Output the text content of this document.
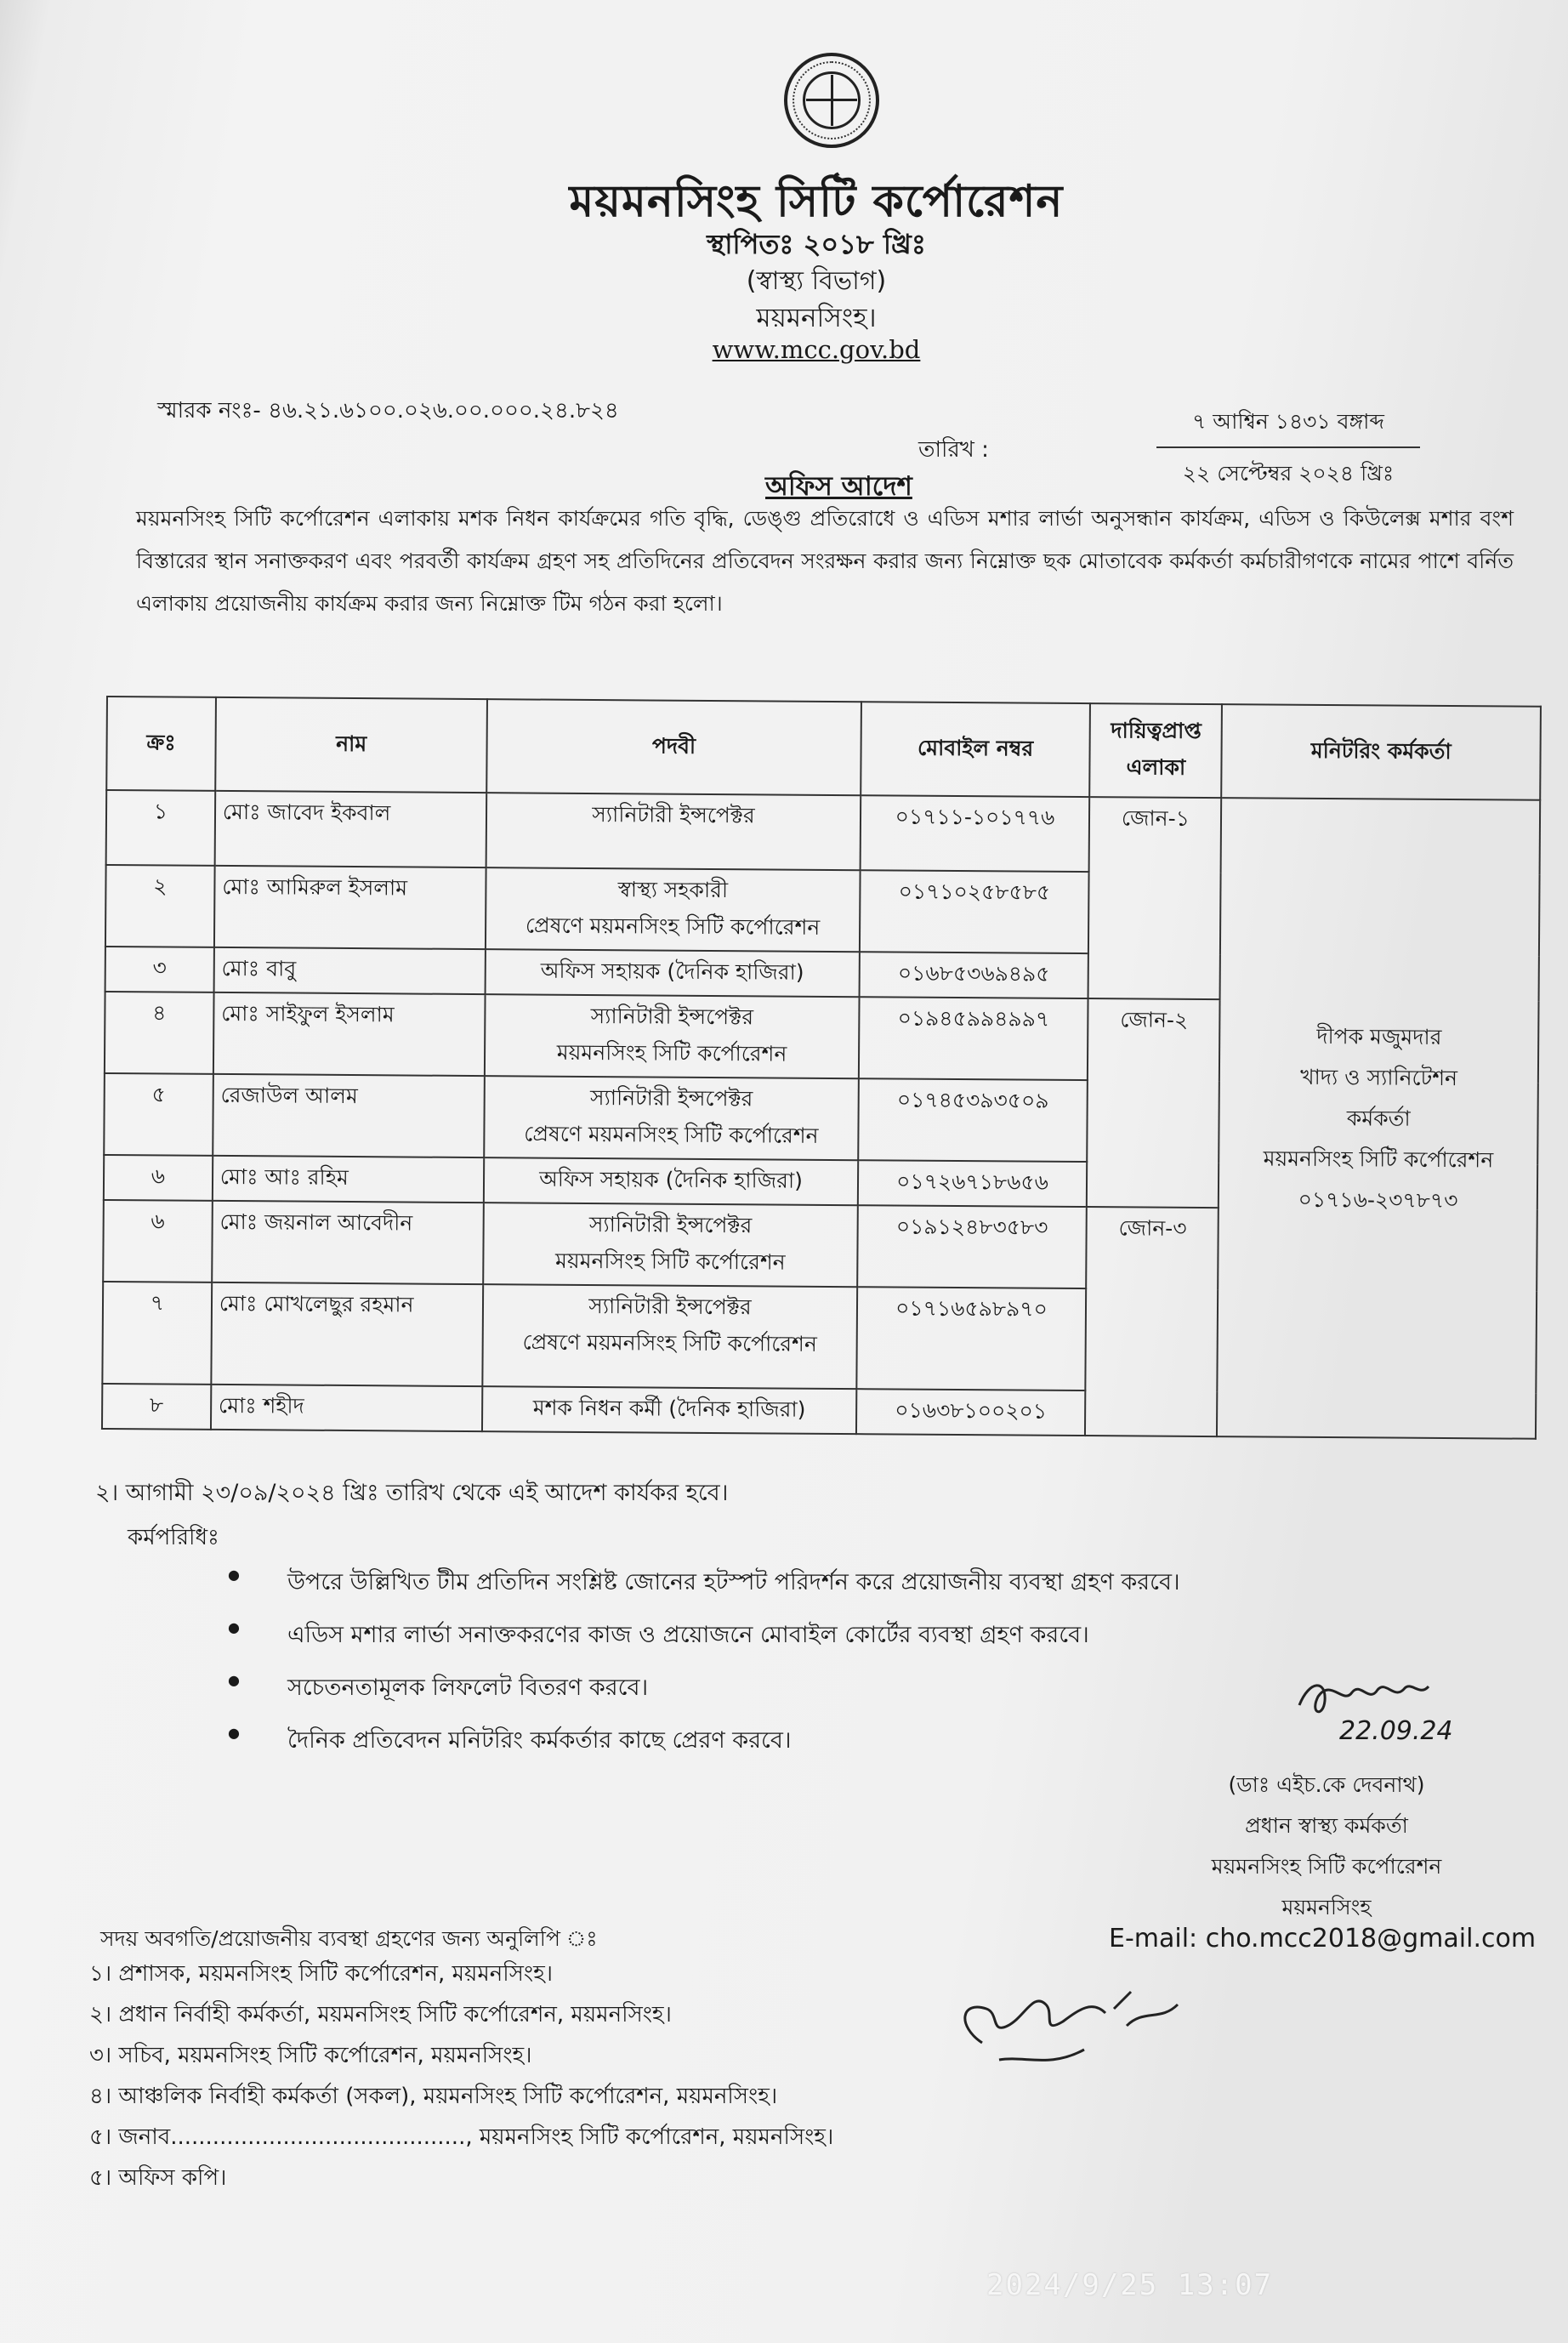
ময়মনসিংহ সিটি কর্পোরেশন
স্থাপিতঃ ২০১৮ খ্রিঃ
(স্বাস্থ্য বিভাগ)
ময়মনসিংহ।
www.mcc.gov.bd
স্মারক নংঃ- ৪৬.২১.৬১০০.০২৬.০০.০০০.২৪.৮২৪
তারিখ :
৭ আশ্বিন ১৪৩১ বঙ্গাব্দ
২২ সেপ্টেম্বর ২০২৪ খ্রিঃ
অফিস আদেশ
ময়মনসিংহ সিটি কর্পোরেশন এলাকায় মশক নিধন কার্যক্রমের গতি বৃদ্ধি, ডেঙ্গু প্রতিরোধে ও এডিস মশার লার্ভা অনুসন্ধান কার্যক্রম, এডিস ও কিউলেক্স মশার বংশ বিস্তারের স্থান সনাক্তকরণ এবং পরবর্তী কার্যক্রম গ্রহণ সহ প্রতিদিনের প্রতিবেদন সংরক্ষন করার জন্য নিম্নোক্ত ছক মোতাবেক কর্মকর্তা কর্মচারীগণকে নামের পাশে বর্নিত এলাকায় প্রয়োজনীয় কার্যক্রম করার জন্য নিম্নোক্ত টিম গঠন করা হলো।
ক্রঃ	নাম	পদবী	মোবাইল নম্বর	দায়িত্বপ্রাপ্ত এলাকা	মনিটরিং কর্মকর্তা
১	মোঃ জাবেদ ইকবাল	স্যানিটারী ইন্সপেক্টর	০১৭১১-১০১৭৭৬	জোন-১	দীপক মজুমদার
খাদ্য ও স্যানিটেশন
কর্মকর্তা
ময়মনসিংহ সিটি কর্পোরেশন
০১৭১৬-২৩৭৮৭৩

২	মোঃ আমিরুল ইসলাম	স্বাস্থ্য সহকারী
প্রেষণে ময়মনসিংহ সিটি কর্পোরেশন	০১৭১০২৫৮৫৮৫		
৩	মোঃ বাবু	অফিস সহায়ক (দৈনিক হাজিরা)	০১৬৮৫৩৬৯৪৯৫		
৪	মোঃ সাইফুল ইসলাম	স্যানিটারী ইন্সপেক্টর
ময়মনসিংহ সিটি কর্পোরেশন	০১৯৪৫৯৯৪৯৯৭	জোন-২	
৫	রেজাউল আলম	স্যানিটারী ইন্সপেক্টর
প্রেষণে ময়মনসিংহ সিটি কর্পোরেশন	০১৭৪৫৩৯৩৫০৯		
৬	মোঃ আঃ রহিম	অফিস সহায়ক (দৈনিক হাজিরা)	০১৭২৬৭১৮৬৫৬		
৬	মোঃ জয়নাল আবেদীন	স্যানিটারী ইন্সপেক্টর
ময়মনসিংহ সিটি কর্পোরেশন	০১৯১২৪৮৩৫৮৩	জোন-৩	
৭	মোঃ মোখলেছুর রহমান	স্যানিটারী ইন্সপেক্টর
প্রেষণে ময়মনসিংহ সিটি কর্পোরেশন	০১৭১৬৫৯৮৯৭০		
৮	মোঃ শহীদ	মশক নিধন কর্মী (দৈনিক হাজিরা)	০১৬৩৮১০০২০১		
২। আগামী ২৩/০৯/২০২৪ খ্রিঃ তারিখ থেকে এই আদেশ কার্যকর হবে।
কর্মপরিধিঃ
● উপরে উল্লিখিত টীম প্রতিদিন সংশ্লিষ্ট জোনের হটস্পট পরিদর্শন করে প্রয়োজনীয় ব্যবস্থা গ্রহণ করবে।
● এডিস মশার লার্ভা সনাক্তকরণের কাজ ও প্রয়োজনে মোবাইল কোর্টের ব্যবস্থা গ্রহণ করবে।
● সচেতনতামূলক লিফলেট বিতরণ করবে।
● দৈনিক প্রতিবেদন মনিটরিং কর্মকর্তার কাছে প্রেরণ করবে।	22.09.24
(ডাঃ এইচ.কে দেবনাথ)
প্রধান স্বাস্থ্য কর্মকর্তা
ময়মনসিংহ সিটি কর্পোরেশন
ময়মনসিংহ
E-mail: cho.mcc2018@gmail.com
সদয় অবগতি/প্রয়োজনীয় ব্যবস্থা গ্রহণের জন্য অনুলিপি ঃ
১। প্রশাসক, ময়মনসিংহ সিটি কর্পোরেশন, ময়মনসিংহ।
২। প্রধান নির্বাহী কর্মকর্তা, ময়মনসিংহ সিটি কর্পোরেশন, ময়মনসিংহ।
৩। সচিব, ময়মনসিংহ সিটি কর্পোরেশন, ময়মনসিংহ।
৪। আঞ্চলিক নির্বাহী কর্মকর্তা (সকল), ময়মনসিংহ সিটি কর্পোরেশন, ময়মনসিংহ।
৫। জনাব.........................................., ময়মনসিংহ সিটি কর্পোরেশন, ময়মনসিংহ।
৫। অফিস কপি।
2024/9/25 13:07
